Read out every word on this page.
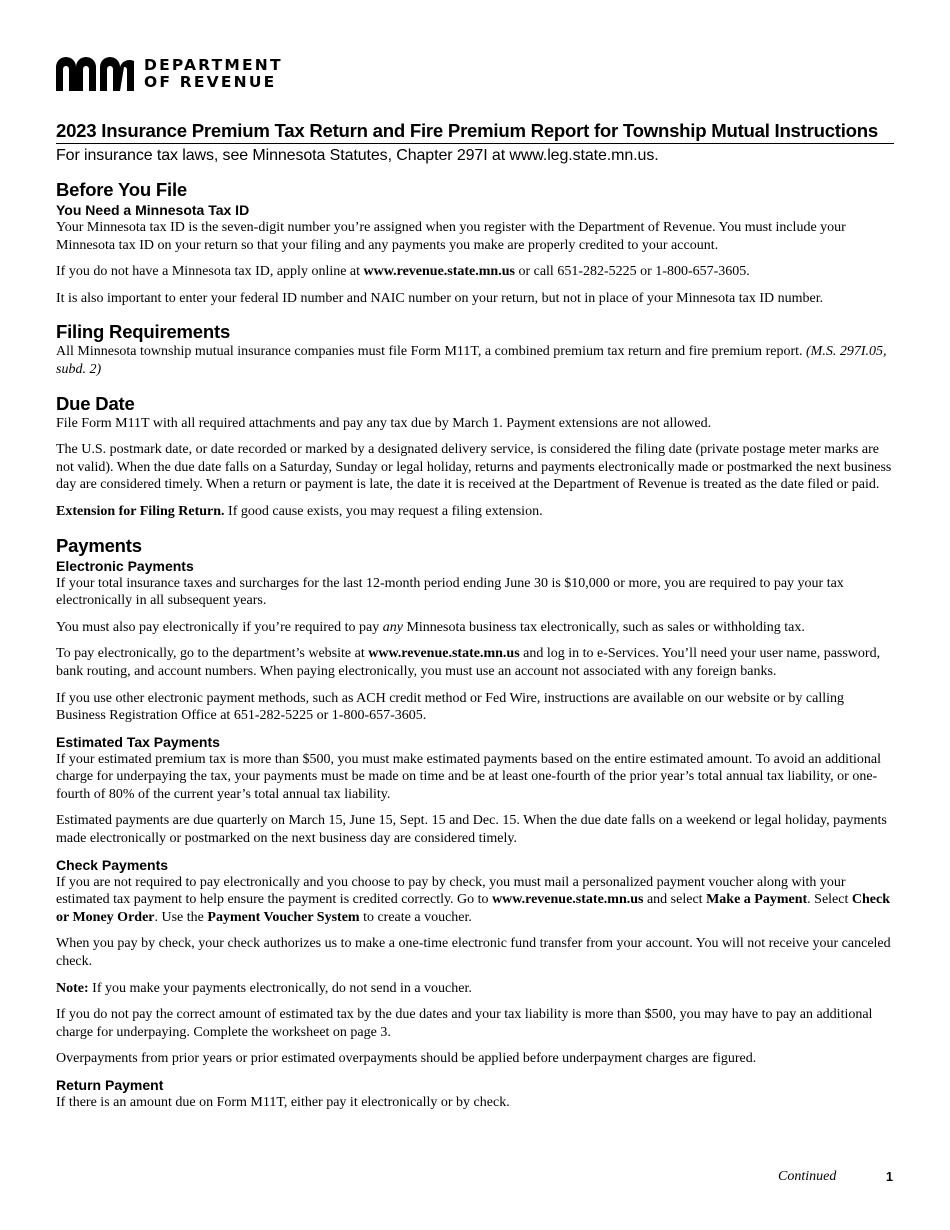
DEPARTMENT
OF REVENUE
2023 Insurance Premium Tax Return and Fire Premium Report for Township Mutual Instructions
For insurance tax laws, see Minnesota Statutes, Chapter 297I at www.leg.state.mn.us.
Before You File
You Need a Minnesota Tax ID

Your Minnesota tax ID is the seven-digit number you’re assigned when you register with the Department of Revenue. You must include your Minnesota tax ID on your return so that your filing and any payments you make are properly credited to your account.

If you do not have a Minnesota tax ID, apply online at www.revenue.state.mn.us or call 651-282-5225 or 1-800-657-3605.

It is also important to enter your federal ID number and NAIC number on your return, but not in place of your Minnesota tax ID number.

Filing Requirements

All Minnesota township mutual insurance companies must file Form M11T, a combined premium tax return and fire premium report. (M.S. 297I.05, subd. 2)

Due Date

File Form M11T with all required attachments and pay any tax due by March 1. Payment extensions are not allowed.

The U.S. postmark date, or date recorded or marked by a designated delivery service, is considered the filing date (private postage meter marks are not valid). When the due date falls on a Saturday, Sunday or legal holiday, returns and payments electronically made or postmarked the next business day are considered timely. When a return or payment is late, the date it is received at the Department of Revenue is treated as the date filed or paid.

Extension for Filing Return. If good cause exists, you may request a filing extension.

Payments
Electronic Payments

If your total insurance taxes and surcharges for the last 12-month period ending June 30 is $10,000 or more, you are required to pay your tax electronically in all subsequent years.

You must also pay electronically if you’re required to pay any Minnesota business tax electronically, such as sales or withholding tax.

To pay electronically, go to the department’s website at www.revenue.state.mn.us and log in to e-Services. You’ll need your user name, password, bank routing, and account numbers. When paying electronically, you must use an account not associated with any foreign banks.

If you use other electronic payment methods, such as ACH credit method or Fed Wire, instructions are available on our website or by calling Business Registration Office at 651-282-5225 or 1-800-657-3605.

Estimated Tax Payments

If your estimated premium tax is more than $500, you must make estimated payments based on the entire estimated amount. To avoid an additional charge for underpaying the tax, your payments must be made on time and be at least one-fourth of the prior year’s total annual tax liability, or one-fourth of 80% of the current year’s total annual tax liability.

Estimated payments are due quarterly on March 15, June 15, Sept. 15 and Dec. 15. When the due date falls on a weekend or legal holiday, payments made electronically or postmarked on the next business day are considered timely.

Check Payments

If you are not required to pay electronically and you choose to pay by check, you must mail a personalized payment voucher along with your estimated tax payment to help ensure the payment is credited correctly. Go to www.revenue.state.mn.us and select Make a Payment. Select Check or Money Order. Use the Payment Voucher System to create a voucher.

When you pay by check, your check authorizes us to make a one-time electronic fund transfer from your account. You will not receive your canceled check.

Note: If you make your payments electronically, do not send in a voucher.

If you do not pay the correct amount of estimated tax by the due dates and your tax liability is more than $500, you may have to pay an additional charge for underpaying. Complete the worksheet on page 3.

Overpayments from prior years or prior estimated overpayments should be applied before underpayment charges are figured.

Return Payment

If there is an amount due on Form M11T, either pay it electronically or by check.

Continued	1
